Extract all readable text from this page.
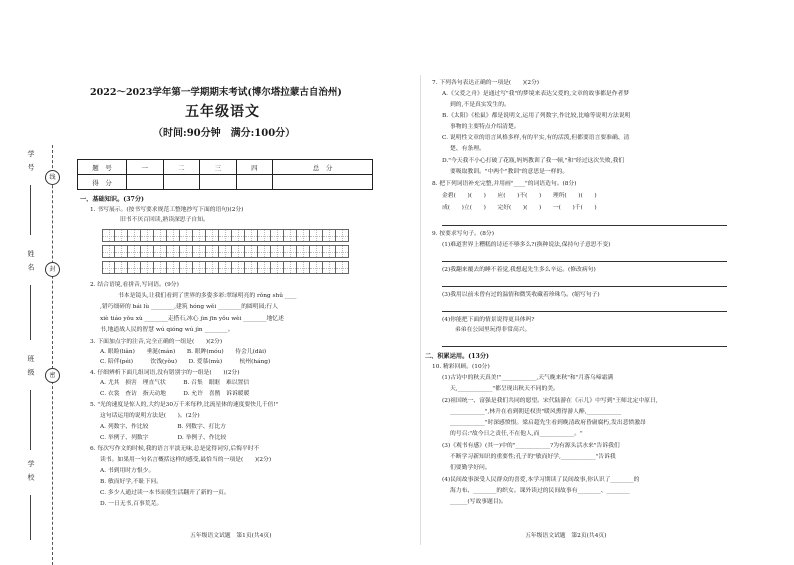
学 号
姓 名
班 级
学 校
线
封
密
2022～2023学年第一学期期末考试(博尔塔拉蒙古自治州)
五年级语文
（时间:90分钟　满分:100分）
题　号	一	二	三	四	总　分
得　分					
一、基础知识。(37分)
1. 书写展示。(按书写要求规范工整地抄写下面的语句)(2分)
旧书不厌百回读,熟读深思子自知。
2. 结合语境,看拼音,写词语。(9分)
书本是镜头,让我们看到了世界的多姿多彩:翠绿明亮的 rǒng shǔ ____
,错巧细碎的 bái lù ________,建筑 hóng wěi ________的圆明园;行人
xiè tiáo yǒu xù ________走搭石,冰心 jìn jīn yǒu wèi ________地忆述
书,地道战人民的智慧 wú qióng wú jìn ________。
3. 下面加点字的注音,完全正确的一组是(　　)(2分)
A. 眼睑(liǎn)　　垂涎(mán)　　B. 眼眸(móu)　　侍会儿(dāi)
C. 陪伴(péi)　　　饮饯(yǒu)　　D. 爱慕(mù)　　　杭州(háng)
4. 仔细辨析下面几组词语,没有错别字的一组是(　　)(2分)
A. 尤其　损害　理直气状　　　B. 召集　眼眶　难以置信
C. 衣裳　查访　指天动地　　　D. 允许　喜鹊　诉诉暖暖
5. "光的速度是惊人的,大约是30万千米每秒,比流星体的速度要快儿千倍!"
这句话运用的说明方法是(　　)。(2分)
A. 列数字、作比较　　　　　B. 列数字、打比方
C. 举例子、列数字　　　　　D. 举例子、作比较
6. 每次写作文的时候,我的语言平淡无味,总是觉得词穷,后悔平时不
读书。如果用一句名言概括这样的感受,最恰当的一项是(　　)(2分)
A. 书到用时方恨少。
B. 敏而好学,不耻下问。
C. 多少人通过读一本书而使生活翻开了新的一页。
D. 一日无书,百事荒芜。
五年级语文试题　第1页(共4页)
7. 下列各句表达正确的一项是(　　)(2分)
A.《父爱之舟》是通过写"我"的梦境来表达父爱的,文章的故事都是作者梦
到的,不是真实发生的。
B.《太阳》《松鼠》都是说明文,运用了列数字,作比较,比喻等说明方法说明
事物的主要特点介绍清楚。
C. 说明性文章的语言风格多样,有的平实,有的活泼,但都要语言要准确、清
楚、有条理。
D."今天我不小心打破了花瓶,妈妈教训了我一顿,"和"经过这次失败,我们
要吸取教训。"中两个"教训"的意思是一样的。
8. 把下列词语补充完整,并用画"____"的词语造句。(8分)
金碧(　　)(　　)　　应(　　)不(　　)　　理所(　　)(　　)
成(　　)立(　　)　　完好(　　)(　　)　　一(　　)千(　　)
9. 按要求写句子。(8分)
(1)难道世界上糟糕的诗还不够多么?(换种说法,保持句子意思不变)
(2)我翻来覆去的睡不着觉,我想起先生多么辛运。(修改病句)
(3)我用以前未曾有过的温情和微笑收藏着珍珠鸟。(缩写句子)
(4)你能把下面的情景说得更具体吗?
弟弟在公园里玩得非常高兴。
二、积累运用。(13分)
10. 精彩回顾。(10分)
(1)古诗中的秋天真美!"____________,天气晚来秋"和"月落乌啼霜满
天,____________"都呈现出秋天不同的美。
(2)祖国统一、富强是我们共同的愿望。宋代陆游在《示儿》中写到"王师北定中原日,
____________",林升在看到朝廷权贵"暖风熏得游人醉,____________
____________"时深感愤恨。梁启超先生看到晚清政府昏庸腐朽,发出悲愤激昂
的号召:"故今日之责任,不在他人,而____________。"
(3)《观书有感》(其一)中的"____________?为有源头活水来"告诉我们
不断学习新知识的重要性;孔子的"敏而好学,____________"告诉我
们要勤学好问。
(4)民间故事深受人民群众的喜爱,本学习期读了民间故事,你认识了________的
海力布、________的织女。课外读过的民间故事有________、________
______(写故事题目)。
五年级语文试题　第2页(共4页)
